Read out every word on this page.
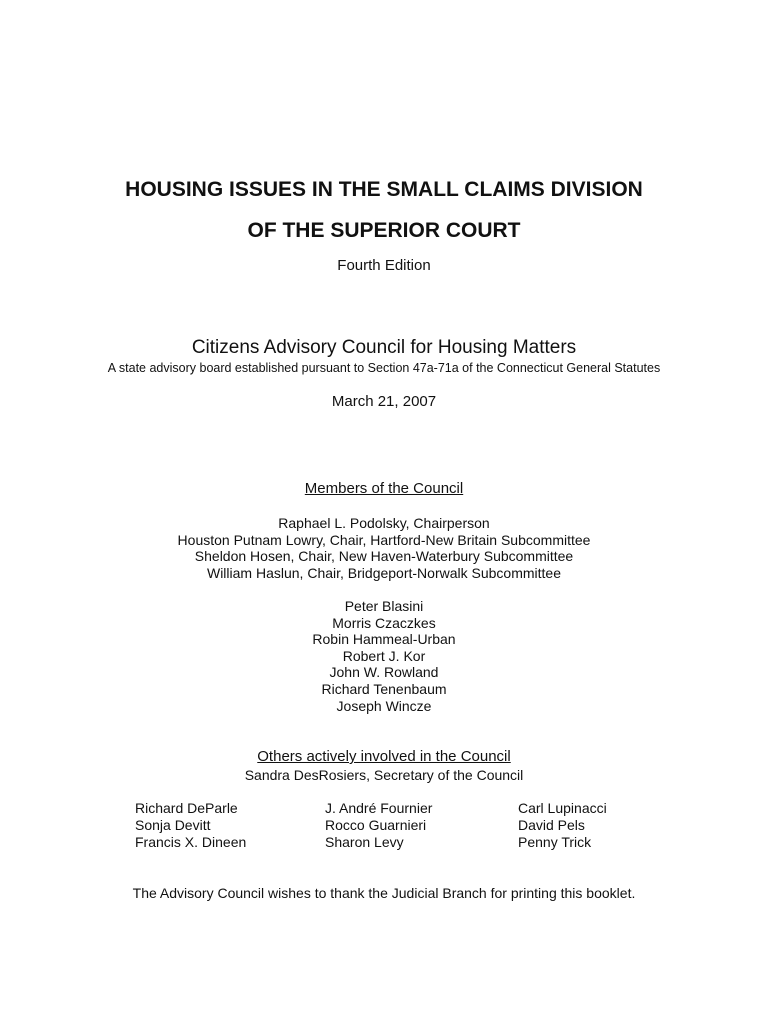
HOUSING ISSUES IN THE SMALL CLAIMS DIVISION
OF THE SUPERIOR COURT
Fourth Edition
Citizens Advisory Council for Housing Matters
A state advisory board established pursuant to Section 47a-71a of the Connecticut General Statutes
March 21, 2007
Members of the Council
Raphael L. Podolsky, Chairperson
Houston Putnam Lowry, Chair, Hartford-New Britain Subcommittee
Sheldon Hosen, Chair, New Haven-Waterbury Subcommittee
William Haslun, Chair, Bridgeport-Norwalk Subcommittee
Peter Blasini
Morris Czaczkes
Robin Hammeal-Urban
Robert J. Kor
John W. Rowland
Richard Tenenbaum
Joseph Wincze
Others actively involved in the Council
Sandra DesRosiers, Secretary of the Council
Richard DeParle
Sonja Devitt
Francis X. Dineen
J. André Fournier
Rocco Guarnieri
Sharon Levy
Carl Lupinacci
David Pels
Penny Trick
The Advisory Council wishes to thank the Judicial Branch for printing this booklet.
